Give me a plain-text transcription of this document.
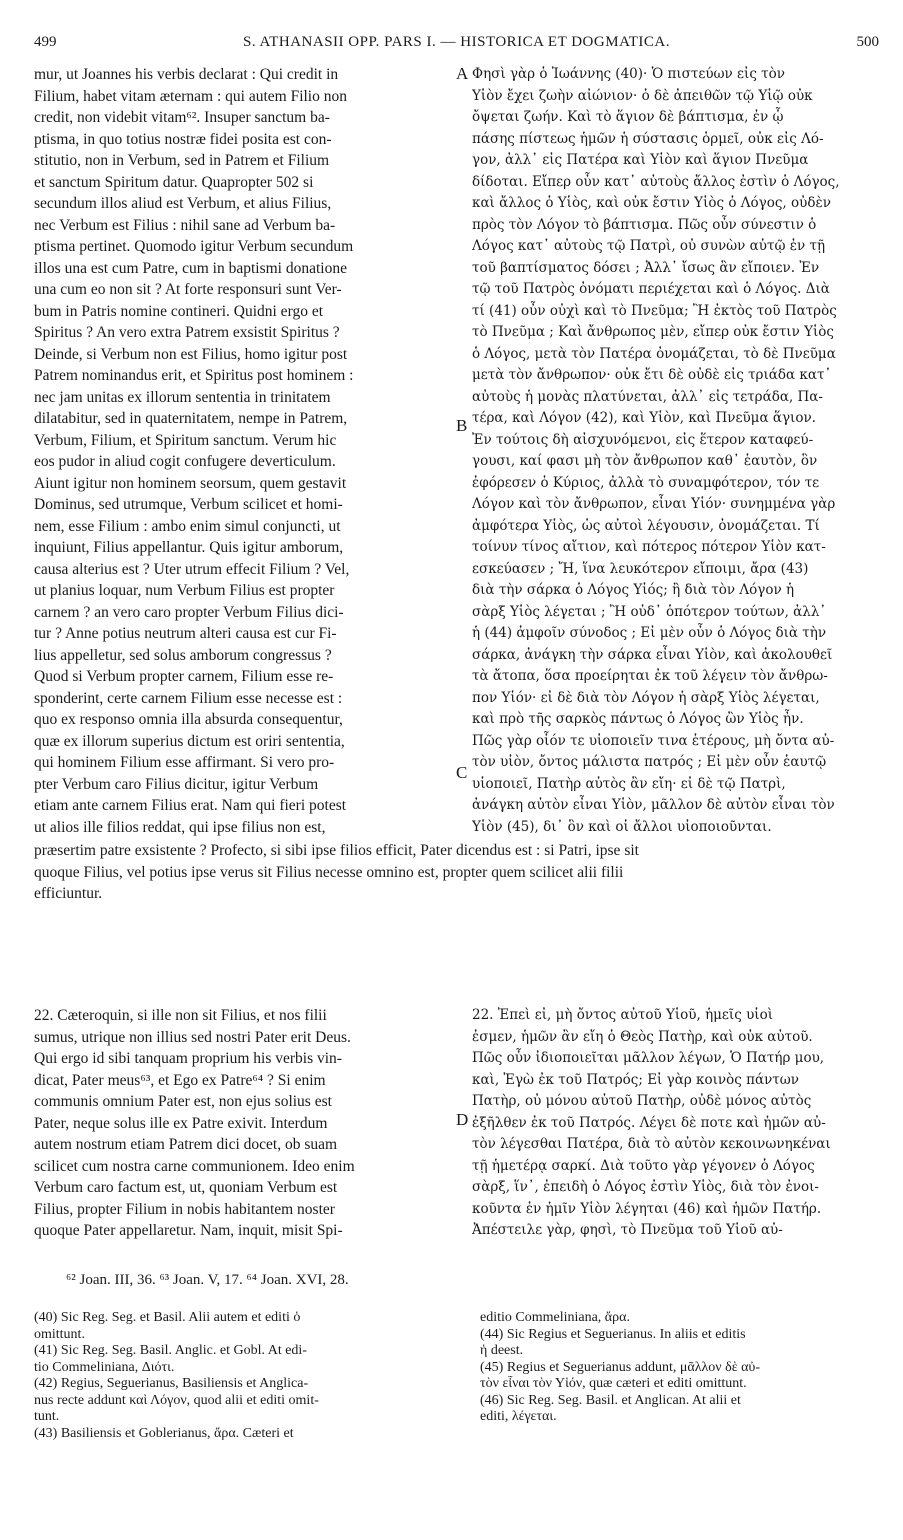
499	S. ATHANASII OPP. PARS I. — HISTORICA ET DOGMATICA.	500
mur, ut Joannes his verbis declarat : Qui credit in
Filium, habet vitam æternam : qui autem Filio non
credit, non videbit vitam⁶². Insuper sanctum ba-
ptisma, in quo totius nostræ fidei posita est con-
stitutio, non in Verbum, sed in Patrem et Filium
et sanctum Spiritum datur. Quapropter 502 si
secundum illos aliud est Verbum, et alius Filius,
nec Verbum est Filius : nihil sane ad Verbum ba-
ptisma pertinet. Quomodo igitur Verbum secundum
illos una est cum Patre, cum in baptismi donatione
una cum eo non sit ? At forte responsuri sunt Ver-
bum in Patris nomine contineri. Quidni ergo et
Spiritus ? An vero extra Patrem exsistit Spiritus ?
Deinde, si Verbum non est Filius, homo igitur post
Patrem nominandus erit, et Spiritus post hominem :
nec jam unitas ex illorum sententia in trinitatem
dilatabitur, sed in quaternitatem, nempe in Patrem,
Verbum, Filium, et Spiritum sanctum. Verum hic
eos pudor in aliud cogit confugere deverticulum.
Aiunt igitur non hominem seorsum, quem gestavit
Dominus, sed utrumque, Verbum scilicet et homi-
nem, esse Filium : ambo enim simul conjuncti, ut
inquiunt, Filius appellantur. Quis igitur amborum,
causa alterius est ? Uter utrum effecit Filium ? Vel,
ut planius loquar, num Verbum Filius est propter
carnem ? an vero caro propter Verbum Filius dici-
tur ? Anne potius neutrum alteri causa est cur Fi-
lius appelletur, sed solus amborum congressus ?
Quod si Verbum propter carnem, Filium esse re-
sponderint, certe carnem Filium esse necesse est :
quo ex responso omnia illa absurda consequentur,
quæ ex illorum superius dictum est oriri sententia,
qui hominem Filium esse affirmant. Si vero pro-
pter Verbum caro Filius dicitur, igitur Verbum
etiam ante carnem Filius erat. Nam qui fieri potest
ut alios ille filios reddat, qui ipse filius non est,
Φησὶ γὰρ ὁ Ἰωάννης (40)· Ὁ πιστεύων εἰς τὸν
Υἱὸν ἔχει ζωὴν αἰώνιον· ὁ δὲ ἀπειθῶν τῷ Υἱῷ οὐκ
ὄψεται ζωήν. Καὶ τὸ ἅγιον δὲ βάπτισμα, ἐν ᾧ
πάσης πίστεως ἡμῶν ἡ σύστασις ὁρμεῖ, οὐκ εἰς Λό-
γον, ἀλλ᾽ εἰς Πατέρα καὶ Υἱὸν καὶ ἅγιον Πνεῦμα
δίδοται. Εἴπερ οὖν κατ᾽ αὐτοὺς ἄλλος ἐστὶν ὁ Λόγος,
καὶ ἄλλος ὁ Υἱὸς, καὶ οὐκ ἔστιν Υἱὸς ὁ Λόγος, οὐδὲν
πρὸς τὸν Λόγον τὸ βάπτισμα. Πῶς οὖν σύνεστιν ὁ
Λόγος κατ᾽ αὐτοὺς τῷ Πατρὶ, οὐ συνὼν αὐτῷ ἐν τῇ
τοῦ βαπτίσματος δόσει ; Ἀλλ᾽ ἴσως ἂν εἴποιεν. Ἐν
τῷ τοῦ Πατρὸς ὀνόματι περιέχεται καὶ ὁ Λόγος. Διὰ
τί (41) οὖν οὐχὶ καὶ τὸ Πνεῦμα; Ἢ ἐκτὸς τοῦ Πατρὸς
τὸ Πνεῦμα ; Καὶ ἄνθρωπος μὲν, εἴπερ οὐκ ἔστιν Υἱὸς
ὁ Λόγος, μετὰ τὸν Πατέρα ὀνομάζεται, τὸ δὲ Πνεῦμα
μετὰ τὸν ἄνθρωπον· οὐκ ἔτι δὲ οὐδὲ εἰς τριάδα κατ᾽
αὐτοὺς ἡ μονὰς πλατύνεται, ἀλλ᾽ εἰς τετράδα, Πα-
τέρα, καὶ Λόγον (42), καὶ Υἱὸν, καὶ Πνεῦμα ἅγιον.
Ἐν τούτοις δὴ αἰσχυνόμενοι, εἰς ἕτερον καταφεύ-
γουσι, καί φασι μὴ τὸν ἄνθρωπον καθ᾽ ἑαυτὸν, ὃν
ἐφόρεσεν ὁ Κύριος, ἀλλὰ τὸ συναμφότερον, τόν τε
Λόγον καὶ τὸν ἄνθρωπον, εἶναι Υἱόν· συνημμένα γὰρ
ἀμφότερα Υἱὸς, ὡς αὐτοὶ λέγουσιν, ὀνομάζεται. Τί
τοίνυν τίνος αἴτιον, καὶ πότερος πότερον Υἱὸν κατ-
εσκεύασεν ; Ἤ, ἵνα λευκότερον εἴποιμι, ἄρα (43)
διὰ τὴν σάρκα ὁ Λόγος Υἱός; ἢ διὰ τὸν Λόγον ἡ
σὰρξ Υἱὸς λέγεται ; Ἢ οὐδ᾽ ὁπότερον τούτων, ἀλλ᾽
ἡ (44) ἀμφοῖν σύνοδος ; Εἰ μὲν οὖν ὁ Λόγος διὰ τὴν
σάρκα, ἀνάγκη τὴν σάρκα εἶναι Υἱὸν, καὶ ἀκολουθεῖ
τὰ ἄτοπα, ὅσα προείρηται ἐκ τοῦ λέγειν τὸν ἄνθρω-
πον Υἱόν· εἰ δὲ διὰ τὸν Λόγον ἡ σὰρξ Υἱὸς λέγεται,
καὶ πρὸ τῆς σαρκὸς πάντως ὁ Λόγος ὢν Υἱὸς ἦν.
Πῶς γὰρ οἷόν τε υἱοποιεῖν τινα ἑτέρους, μὴ ὄντα αὐ-
τὸν υἱὸν, ὄντος μάλιστα πατρός ; Εἰ μὲν οὖν ἑαυτῷ
υἱοποιεῖ, Πατὴρ αὐτὸς ἂν εἴη· εἰ δὲ τῷ Πατρὶ,
ἀνάγκη αὐτὸν εἶναι Υἱὸν, μᾶλλον δὲ αὐτὸν εἶναι τὸν
Υἱὸν (45), δι᾽ ὃν καὶ οἱ ἄλλοι υἱοποιοῦνται.
A
B
C
D
præsertim patre exsistente ? Profecto, si sibi ipse filios efficit, Pater dicendus est : si Patri, ipse sit
quoque Filius, vel potius ipse verus sit Filius necesse omnino est, propter quem scilicet alii filii
efficiuntur.
22. Cæteroquin, si ille non sit Filius, et nos filii
sumus, utrique non illius sed nostri Pater erit Deus.
Qui ergo id sibi tanquam proprium his verbis vin-
dicat, Pater meus⁶³, et Ego ex Patre⁶⁴ ? Si enim
communis omnium Pater est, non ejus solius est
Pater, neque solus ille ex Patre exivit. Interdum
autem nostrum etiam Patrem dici docet, ob suam
scilicet cum nostra carne communionem. Ideo enim
Verbum caro factum est, ut, quoniam Verbum est
Filius, propter Filium in nobis habitantem noster
quoque Pater appellaretur. Nam, inquit, misit Spi-
22. Ἐπεὶ εἰ, μὴ ὄντος αὐτοῦ Υἱοῦ, ἡμεῖς υἱοὶ
ἐσμεν, ἡμῶν ἂν εἴη ὁ Θεὸς Πατὴρ, καὶ οὐκ αὐτοῦ.
Πῶς οὖν ἰδιοποιεῖται μᾶλλον λέγων, Ὁ Πατήρ μου,
καὶ, Ἐγὼ ἐκ τοῦ Πατρός; Εἰ γὰρ κοινὸς πάντων
Πατὴρ, οὐ μόνου αὐτοῦ Πατὴρ, οὐδὲ μόνος αὐτὸς
ἐξῆλθεν ἐκ τοῦ Πατρός. Λέγει δὲ ποτε καὶ ἡμῶν αὐ-
τὸν λέγεσθαι Πατέρα, διὰ τὸ αὐτὸν κεκοινωνηκέναι
τῇ ἡμετέρᾳ σαρκί. Διὰ τοῦτο γὰρ γέγονεν ὁ Λόγος
σὰρξ, ἵν᾽, ἐπειδὴ ὁ Λόγος ἐστὶν Υἱὸς, διὰ τὸν ἐνοι-
κοῦντα ἐν ἡμῖν Υἱὸν λέγηται (46) καὶ ἡμῶν Πατήρ.
Ἀπέστειλε γὰρ, φησὶ, τὸ Πνεῦμα τοῦ Υἱοῦ αὐ-
⁶² Joan. III, 36. ⁶³ Joan. V, 17. ⁶⁴ Joan. XVI, 28.
(40) Sic Reg. Seg. et Basil. Alii autem et editi ὁ
omittunt.
(41) Sic Reg. Seg. Basil. Anglic. et Gobl. At edi-
tio Commeliniana, Διότι.
(42) Regius, Seguerianus, Basiliensis et Anglica-
nus recte addunt καὶ Λόγον, quod alii et editi omit-
tunt.
(43) Basiliensis et Goblerianus, ἄρα. Cæteri et
editio Commeliniana, ἄρα.
(44) Sic Regius et Seguerianus. In aliis et editis
ἡ deest.
(45) Regius et Seguerianus addunt, μᾶλλον δὲ αὐ-
τὸν εἶναι τὸν Υἱόν, quæ cæteri et editi omittunt.
(46) Sic Reg. Seg. Basil. et Anglican. At alii et
editi, λέγεται.
